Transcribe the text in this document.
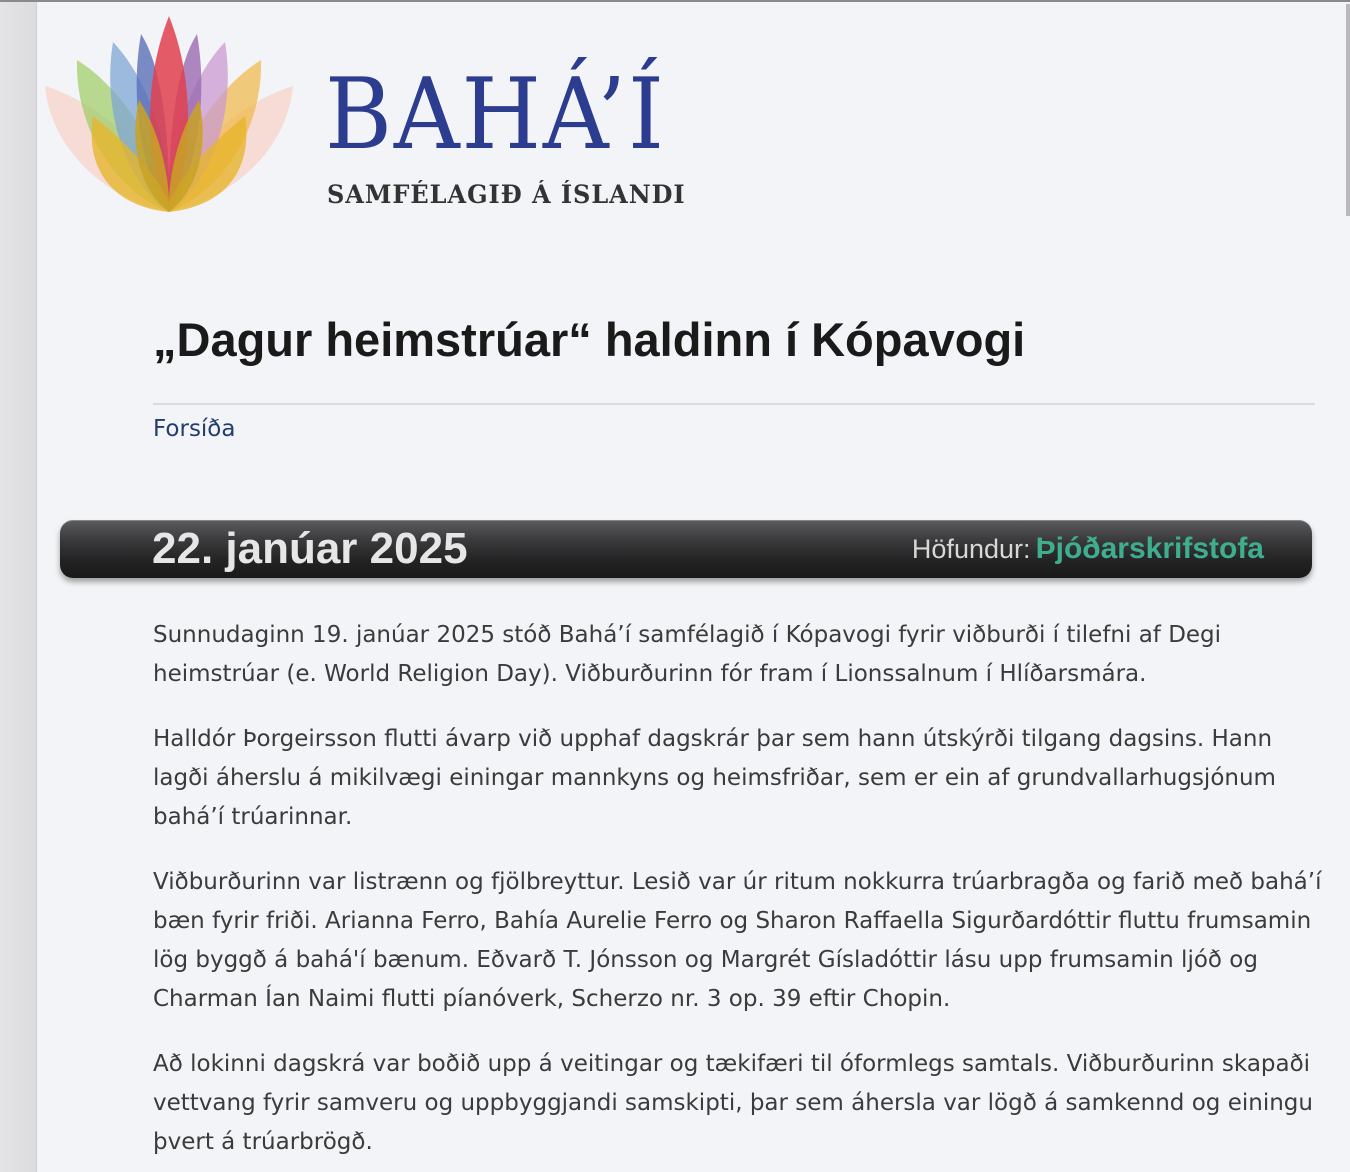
BAHÁ’Í
SAMFÉLAGIÐ Á ÍSLANDI
„Dagur heimstrúar“ haldinn í Kópavogi
Forsíða
22. janúar 2025	Höfundur: Þjóðarskrifstofa

Sunnudaginn 19. janúar 2025 stóð Bahá’í samfélagið í Kópavogi fyrir viðburði í tilefni af Degi heimstrúar (e. World Religion Day). Viðburðurinn fór fram í Lionssalnum í Hlíðarsmára.

Halldór Þorgeirsson flutti ávarp við upphaf dagskrár þar sem hann útskýrði tilgang dagsins. Hann lagði áherslu á mikilvægi einingar mannkyns og heimsfriðar, sem er ein af grundvallarhugsjónum bahá’í trúarinnar.

Viðburðurinn var listrænn og fjölbreyttur. Lesið var úr ritum nokkurra trúarbragða og farið með bahá’í bæn fyrir friði. Arianna Ferro, Bahía Aurelie Ferro og Sharon Raffaella Sigurðardóttir fluttu frumsamin lög byggð á bahá'í bænum. Eðvarð T. Jónsson og Margrét Gísladóttir lásu upp frumsamin ljóð og Charman Ían Naimi flutti píanóverk, Scherzo nr. 3 op. 39 eftir Chopin.

Að lokinni dagskrá var boðið upp á veitingar og tækifæri til óformlegs samtals. Viðburðurinn skapaði vettvang fyrir samveru og uppbyggjandi samskipti, þar sem áhersla var lögð á samkennd og einingu þvert á trúarbrögð.
